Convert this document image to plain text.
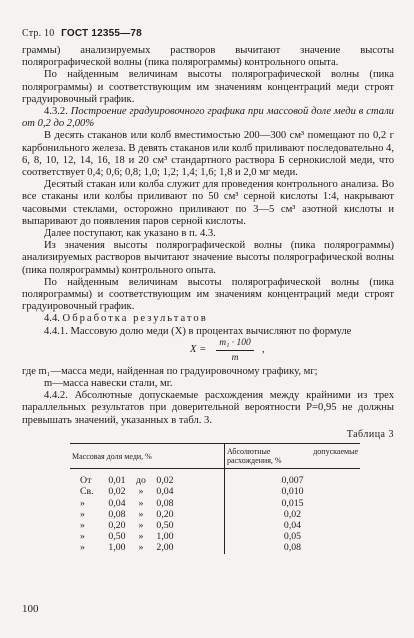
Стр. 10 ГОСТ 12355—78

граммы) анализируемых растворов вычитают значение высоты полярографической волны (пика полярограммы) контрольного опыта.

По найденным величинам высоты полярографической волны (пика полярограммы) и соответствующим им значениям концентраций меди строят градуировочный график.

4.3.2. Построение градуировочного графика при массовой доле меди в стали от 0,2 до 2,00%

В десять стаканов или колб вместимостью 200—300 см³ помещают по 0,2 г карбонильного железа. В девять стаканов или колб приливают последовательно 4, 6, 8, 10, 12, 14, 16, 18 и 20 см³ стандартного раствора Б сернокислой меди, что соответствует 0,4; 0,6; 0,8; 1,0; 1,2; 1,4; 1,6; 1,8 и 2,0 мг меди.

Десятый стакан или колба служит для проведения контрольного анализа. Во все стаканы или колбы приливают по 50 см³ серной кислоты 1:4, накрывают часовыми стеклами, осторожно приливают по 3—5 см³ азотной кислоты и выпаривают до появления паров серной кислоты.

Далее поступают, как указано в п. 4.3.

Из значения высоты полярографической волны (пика полярограммы) анализируемых растворов вычитают значение высоты полярографической волны (пика полярограммы) контрольного опыта.

По найденным величинам высоты полярографической волны (пика полярограммы) и соответствующим им значениям концентраций меди строят градуировочный график.

4.4. Обработка результатов

4.4.1. Массовую долю меди (X) в процентах вычисляют по формуле

$X = \frac{\text{m₁ · 100}}{m}$ ,

где m₁—масса меди, найденная по градуировочному графику, мг;

m—масса навески стали, мг.

4.4.2. Абсолютные допускаемые расхождения между крайними из трех параллельных результатов при доверительной вероятности P=0,95 не должны превышать значений, указанных в табл. 3.

Таблица 3
Массовая доля меди, %	Абсолютные допускаемые расхождения, %
От 0,01 до 0,02	0,007
Св. 0,02 » 0,04	0,010
» 0,04 » 0,08	0,015
» 0,08 » 0,20	0,02
» 0,20 » 0,50	0,04
» 0,50 » 1,00	0,05
» 1,00 » 2,00	0,08
100
